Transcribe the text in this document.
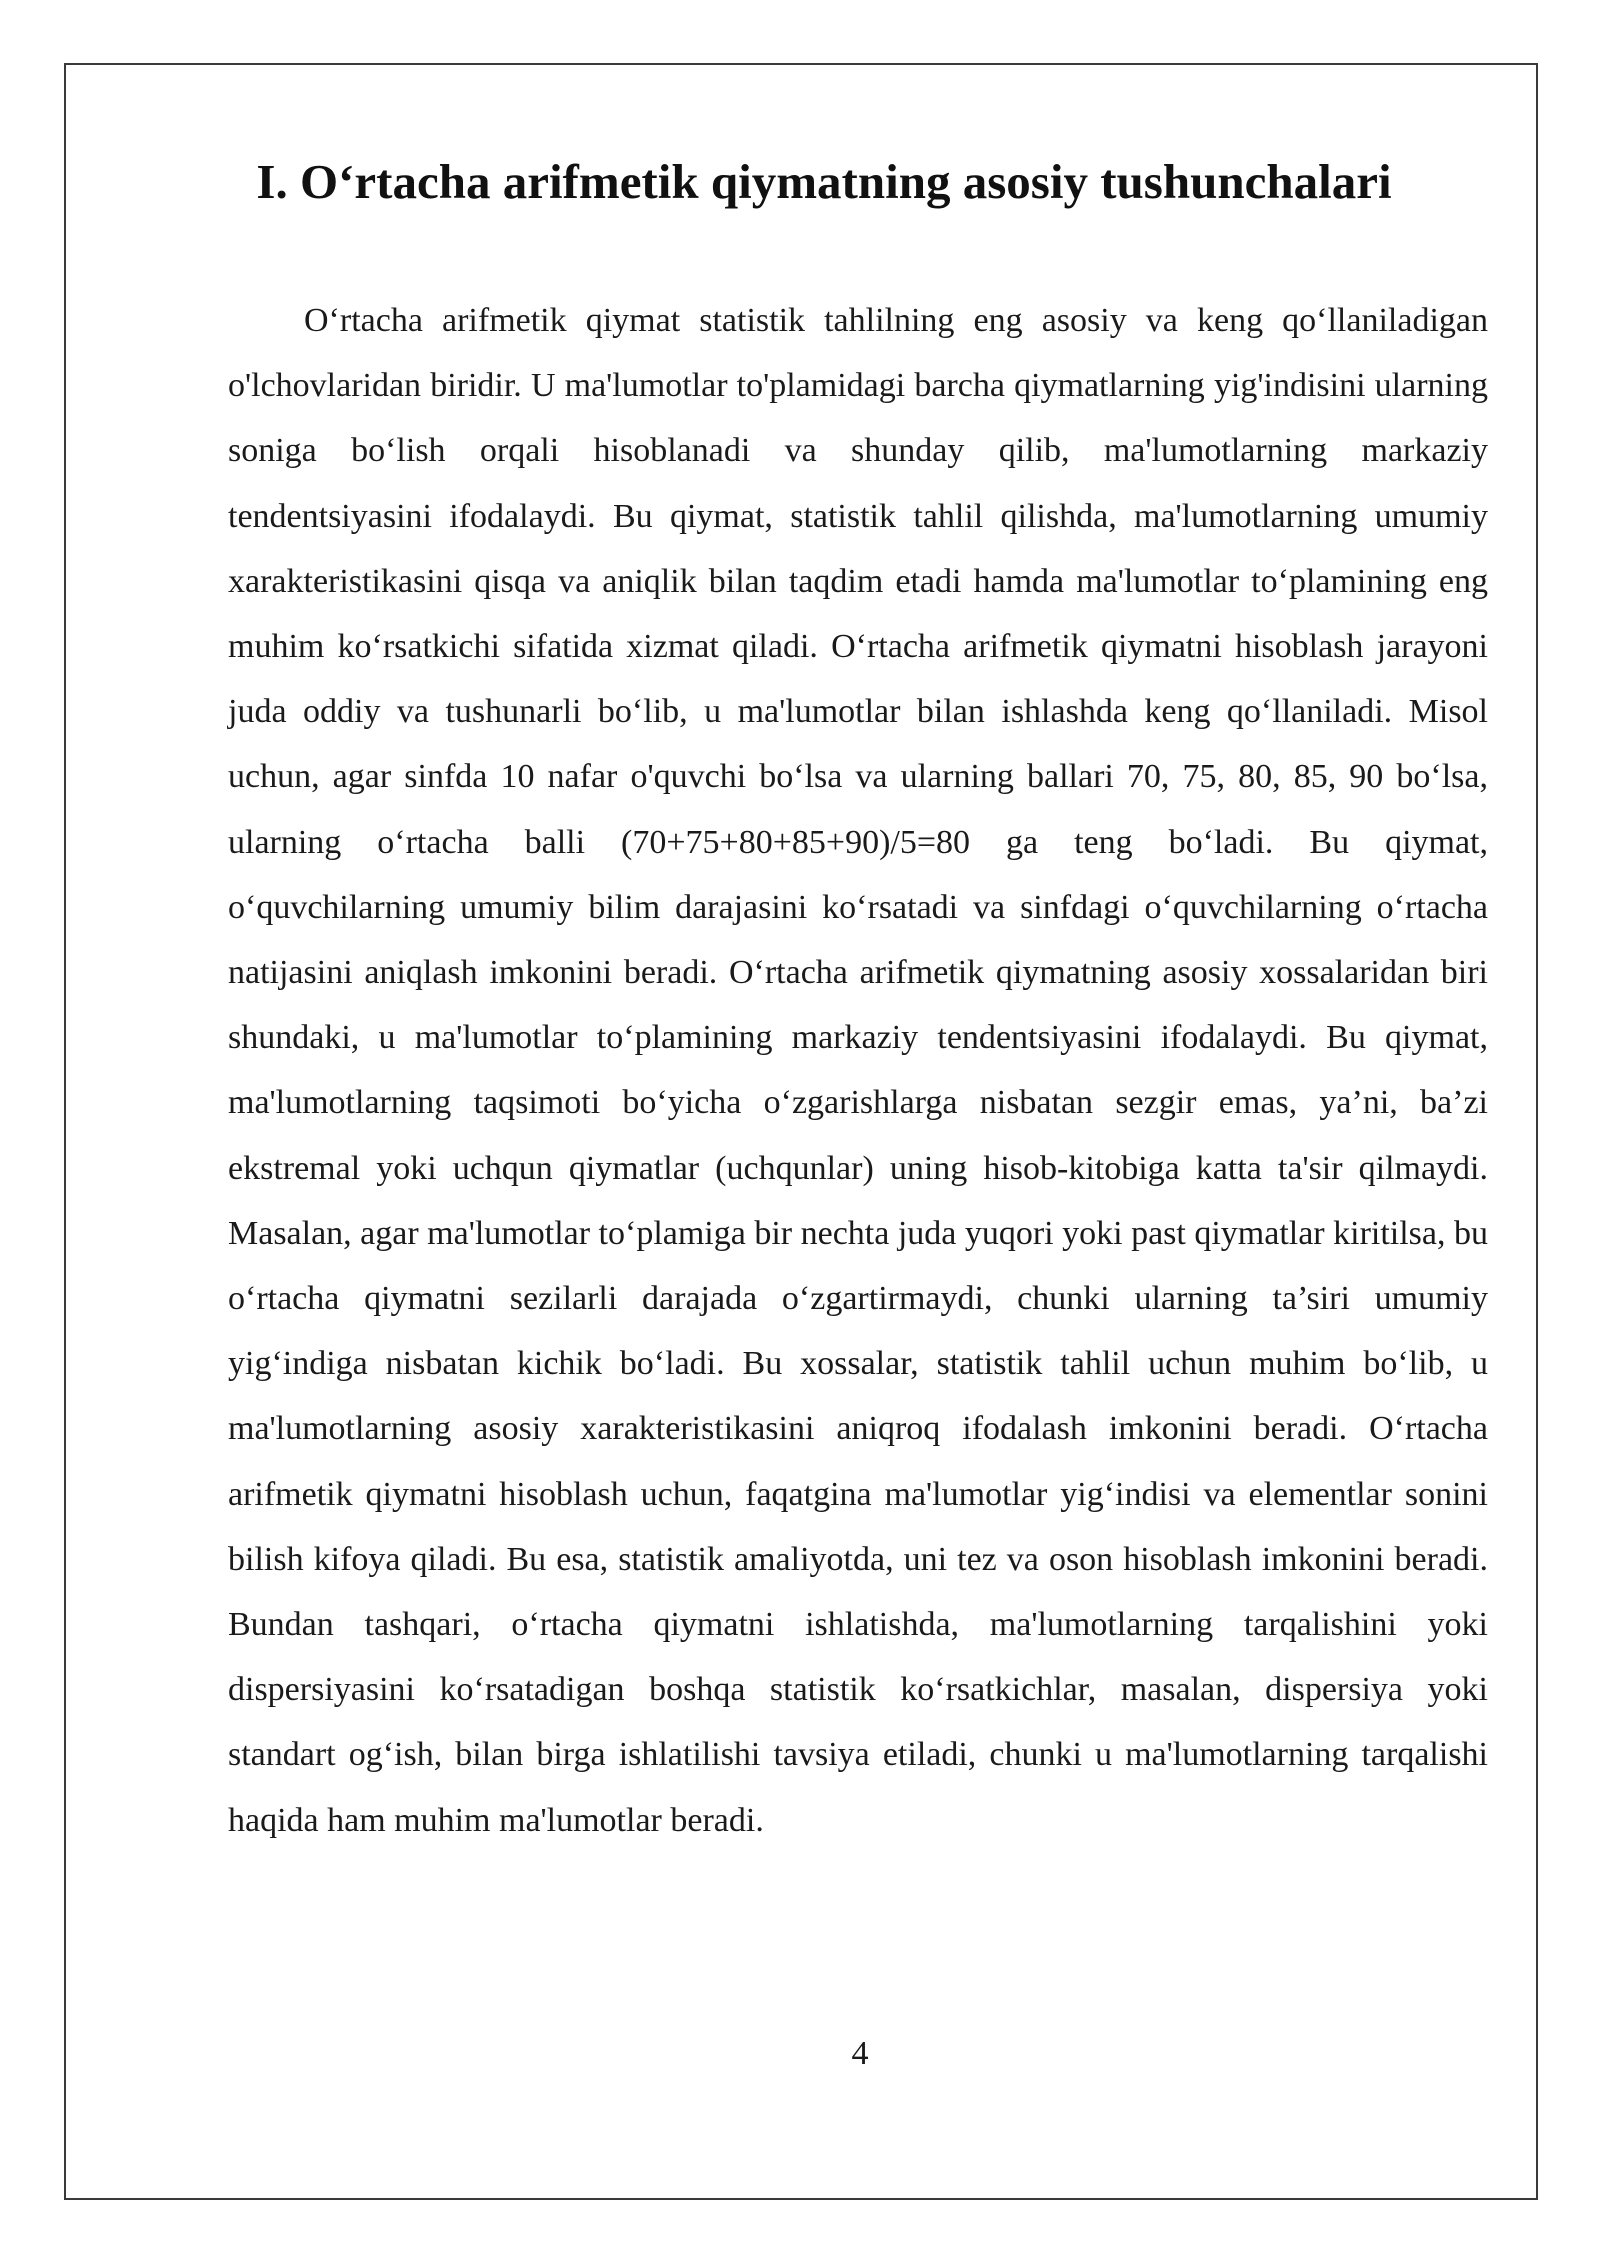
I. O‘rtacha arifmetik qiymatning asosiy tushunchalari

O‘rtacha arifmetik qiymat statistik tahlilning eng asosiy va keng qo‘llaniladigan o'lchovlaridan biridir. U ma'lumotlar to'plamidagi barcha qiymatlarning yig'indisini ularning soniga bo‘lish orqali hisoblanadi va shunday qilib, ma'lumotlarning markaziy tendentsiyasini ifodalaydi. Bu qiymat, statistik tahlil qilishda, ma'lumotlarning umumiy xarakteristikasini qisqa va aniqlik bilan taqdim etadi hamda ma'lumotlar to‘plamining eng muhim ko‘rsatkichi sifatida xizmat qiladi. O‘rtacha arifmetik qiymatni hisoblash jarayoni juda oddiy va tushunarli bo‘lib, u ma'lumotlar bilan ishlashda keng qo‘llaniladi. Misol uchun, agar sinfda 10 nafar o'quvchi bo‘lsa va ularning ballari 70, 75, 80, 85, 90 bo‘lsa, ularning o‘rtacha balli (70+75+80+85+90)/5=80 ga teng bo‘ladi. Bu qiymat, o‘quvchilarning umumiy bilim darajasini ko‘rsatadi va sinfdagi o‘quvchilarning o‘rtacha natijasini aniqlash imkonini beradi. O‘rtacha arifmetik qiymatning asosiy xossalaridan biri shundaki, u ma'lumotlar to‘plamining markaziy tendentsiyasini ifodalaydi. Bu qiymat, ma'lumotlarning taqsimoti bo‘yicha o‘zgarishlarga nisbatan sezgir emas, ya’ni, ba’zi ekstremal yoki uchqun qiymatlar (uchqunlar) uning hisob-kitobiga katta ta'sir qilmaydi. Masalan, agar ma'lumotlar to‘plamiga bir nechta juda yuqori yoki past qiymatlar kiritilsa, bu o‘rtacha qiymatni sezilarli darajada o‘zgartirmaydi, chunki ularning ta’siri umumiy yig‘indiga nisbatan kichik bo‘ladi. Bu xossalar, statistik tahlil uchun muhim bo‘lib, u ma'lumotlarning asosiy xarakteristikasini aniqroq ifodalash imkonini beradi. O‘rtacha arifmetik qiymatni hisoblash uchun, faqatgina ma'lumotlar yig‘indisi va elementlar sonini bilish kifoya qiladi. Bu esa, statistik amaliyotda, uni tez va oson hisoblash imkonini beradi. Bundan tashqari, o‘rtacha qiymatni ishlatishda, ma'lumotlarning tarqalishini yoki dispersiyasini ko‘rsatadigan boshqa statistik ko‘rsatkichlar, masalan, dispersiya yoki standart og‘ish, bilan birga ishlatilishi tavsiya etiladi, chunki u ma'lumotlarning tarqalishi haqida ham muhim ma'lumotlar beradi.

4
